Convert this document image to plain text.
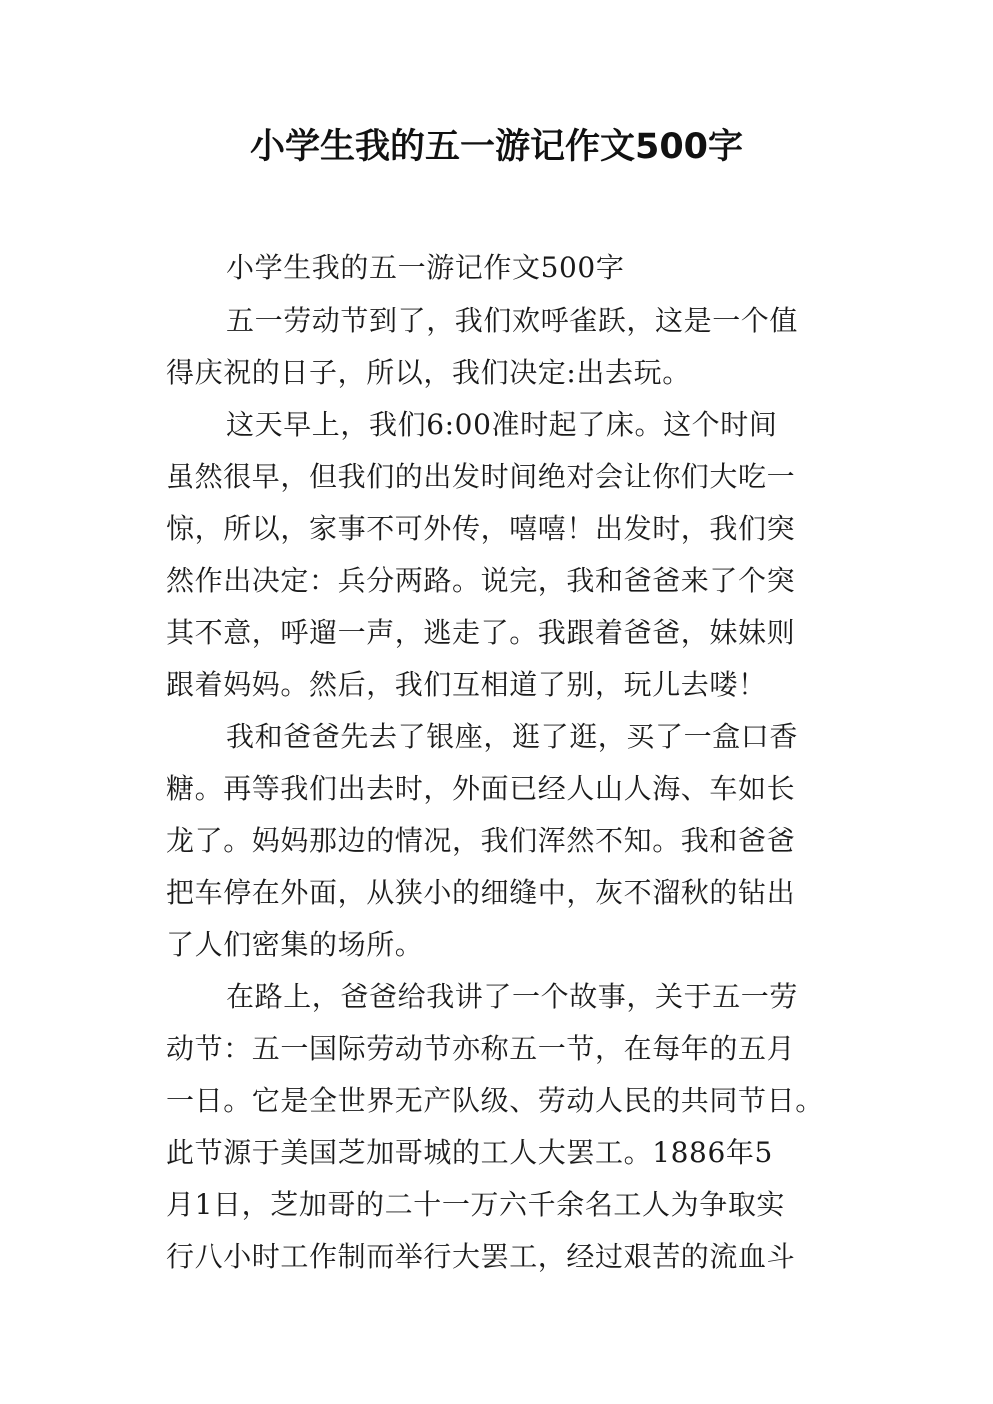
小学生我的五一游记作文500字

小学生我的五一游记作文500字

五一劳动节到了，我们欢呼雀跃，这是一个值

得庆祝的日子，所以，我们决定:出去玩。

这天早上，我们6:00准时起了床。这个时间

虽然很早，但我们的出发时间绝对会让你们大吃一

惊，所以，家事不可外传，嘻嘻！出发时，我们突

然作出决定：兵分两路。说完，我和爸爸来了个突

其不意，呼遛一声，逃走了。我跟着爸爸，妹妹则

跟着妈妈。然后，我们互相道了别，玩儿去喽！

我和爸爸先去了银座，逛了逛，买了一盒口香

糖。再等我们出去时，外面已经人山人海、车如长

龙了。妈妈那边的情况，我们浑然不知。我和爸爸

把车停在外面，从狭小的细缝中，灰不溜秋的钻出

了人们密集的场所。

在路上，爸爸给我讲了一个故事，关于五一劳

动节：五一国际劳动节亦称五一节，在每年的五月

一日。它是全世界无产队级、劳动人民的共同节日。

此节源于美国芝加哥城的工人大罢工。1886年5

月1日，芝加哥的二十一万六千余名工人为争取实

行八小时工作制而举行大罢工，经过艰苦的流血斗
